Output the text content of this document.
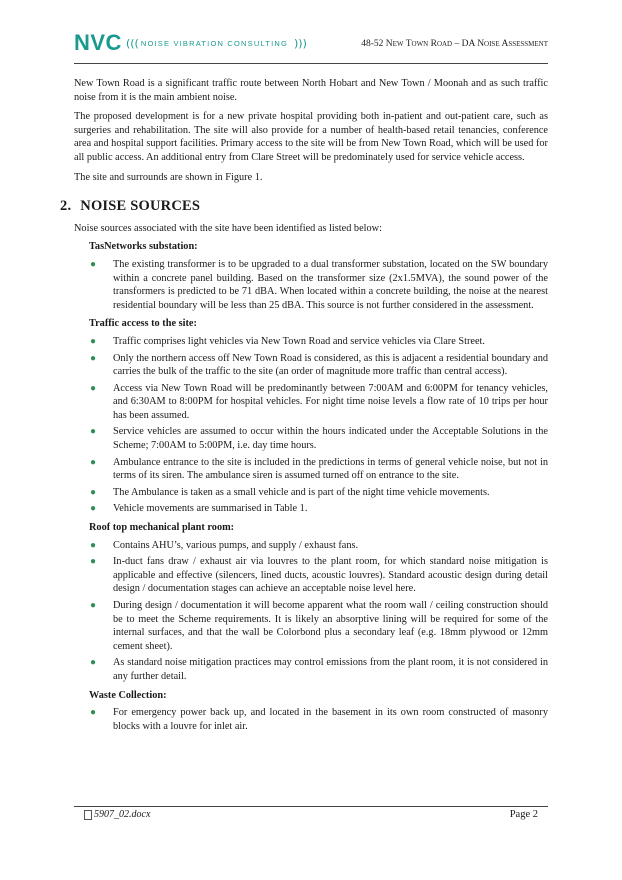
NVC ((( NOISE VIBRATION CONSULTING )))	48-52 New Town Road – DA Noise Assessment

New Town Road is a significant traffic route between North Hobart and New Town / Moonah and as such traffic noise from it is the main ambient noise.

The proposed development is for a new private hospital providing both in-patient and out-patient care, such as surgeries and rehabilitation. The site will also provide for a number of health-based retail tenancies, conference area and hospital support facilities. Primary access to the site will be from New Town Road, which will be used for all public access. An additional entry from Clare Street will be predominately used for service vehicle access.

The site and surrounds are shown in Figure 1.

2. NOISE SOURCES

Noise sources associated with the site have been identified as listed below:

TasNetworks substation:
● The existing transformer is to be upgraded to a dual transformer substation, located on the SW boundary within a concrete panel building. Based on the transformer size (2x1.5MVA), the sound power of the transformers is predicted to be 71 dBA. When located within a concrete building, the noise at the nearest residential boundary will be less than 25 dBA. This source is not further considered in the assessment.
Traffic access to the site:
● Traffic comprises light vehicles via New Town Road and service vehicles via Clare Street.
● Only the northern access off New Town Road is considered, as this is adjacent a residential boundary and carries the bulk of the traffic to the site (an order of magnitude more traffic than central access).
● Access via New Town Road will be predominantly between 7:00AM and 6:00PM for tenancy vehicles, and 6:30AM to 8:00PM for hospital vehicles. For night time noise levels a flow rate of 10 trips per hour has been assumed.
● Service vehicles are assumed to occur within the hours indicated under the Acceptable Solutions in the Scheme; 7:00AM to 5:00PM, i.e. day time hours.
● Ambulance entrance to the site is included in the predictions in terms of general vehicle noise, but not in terms of its siren. The ambulance siren is assumed turned off on entrance to the site.
● The Ambulance is taken as a small vehicle and is part of the night time vehicle movements.
● Vehicle movements are summarised in Table 1.
Roof top mechanical plant room:
● Contains AHU’s, various pumps, and supply / exhaust fans.
● In-duct fans draw / exhaust air via louvres to the plant room, for which standard noise mitigation is applicable and effective (silencers, lined ducts, acoustic louvres). Standard acoustic design during detail design / documentation stages can achieve an acceptable noise level here.
● During design / documentation it will become apparent what the room wall / ceiling construction should be to meet the Scheme requirements. It is likely an absorptive lining will be required for some of the internal surfaces, and that the wall be Colorbond plus a secondary leaf (e.g. 18mm plywood or 12mm cement sheet).
● As standard noise mitigation practices may control emissions from the plant room, it is not considered in any further detail.
Waste Collection:
● For emergency power back up, and located in the basement in its own room constructed of masonry blocks with a louvre for inlet air.
5907_02.docx	Page 2
